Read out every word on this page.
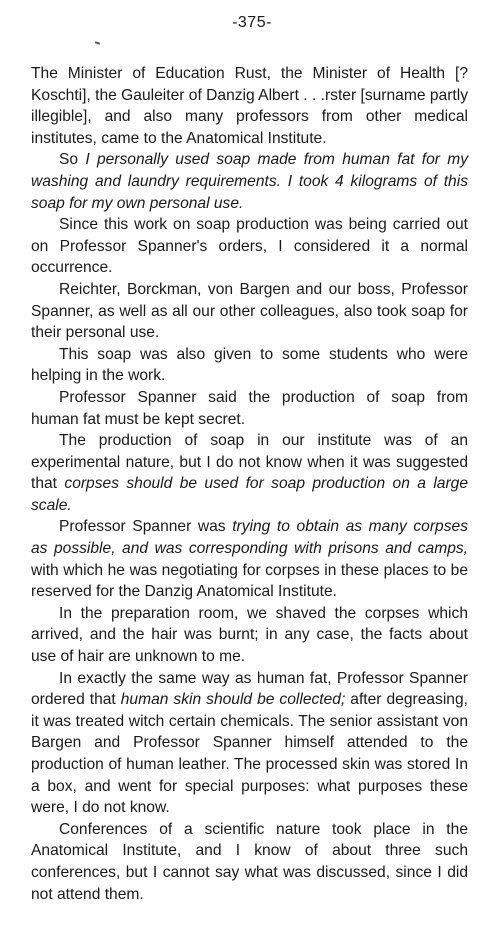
-375-

The Minister of Education Rust, the Minister of Health [?Koschti], the Gauleiter of Danzig Albert . . .rster [surname partly illegible], and also many professors from other medical institutes, came to the Anatomical Institute.

So I personally used soap made from human fat for my washing and laundry requirements. I took 4 kilograms of this soap for my own personal use.

Since this work on soap production was being carried out on Professor Spanner's orders, I considered it a normal occurrence.

Reichter, Borckman, von Bargen and our boss, Professor Spanner, as well as all our other colleagues, also took soap for their personal use.

This soap was also given to some students who were helping in the work.

Professor Spanner said the production of soap from human fat must be kept secret.

The production of soap in our institute was of an experimental nature, but I do not know when it was suggested that corpses should be used for soap production on a large scale.

Professor Spanner was trying to obtain as many corpses as possible, and was corresponding with prisons and camps, with which he was negotiating for corpses in these places to be reserved for the Danzig Anatomical Institute.

In the preparation room, we shaved the corpses which arrived, and the hair was burnt; in any case, the facts about use of hair are unknown to me.

In exactly the same way as human fat, Professor Spanner ordered that human skin should be collected; after degreasing, it was treated witch certain chemicals. The senior assistant von Bargen and Professor Spanner himself attended to the production of human leather. The processed skin was stored In a box, and went for special purposes: what purposes these were, I do not know.

Conferences of a scientific nature took place in the Anatomical Institute, and I know of about three such conferences, but I cannot say what was discussed, since I did not attend them.
